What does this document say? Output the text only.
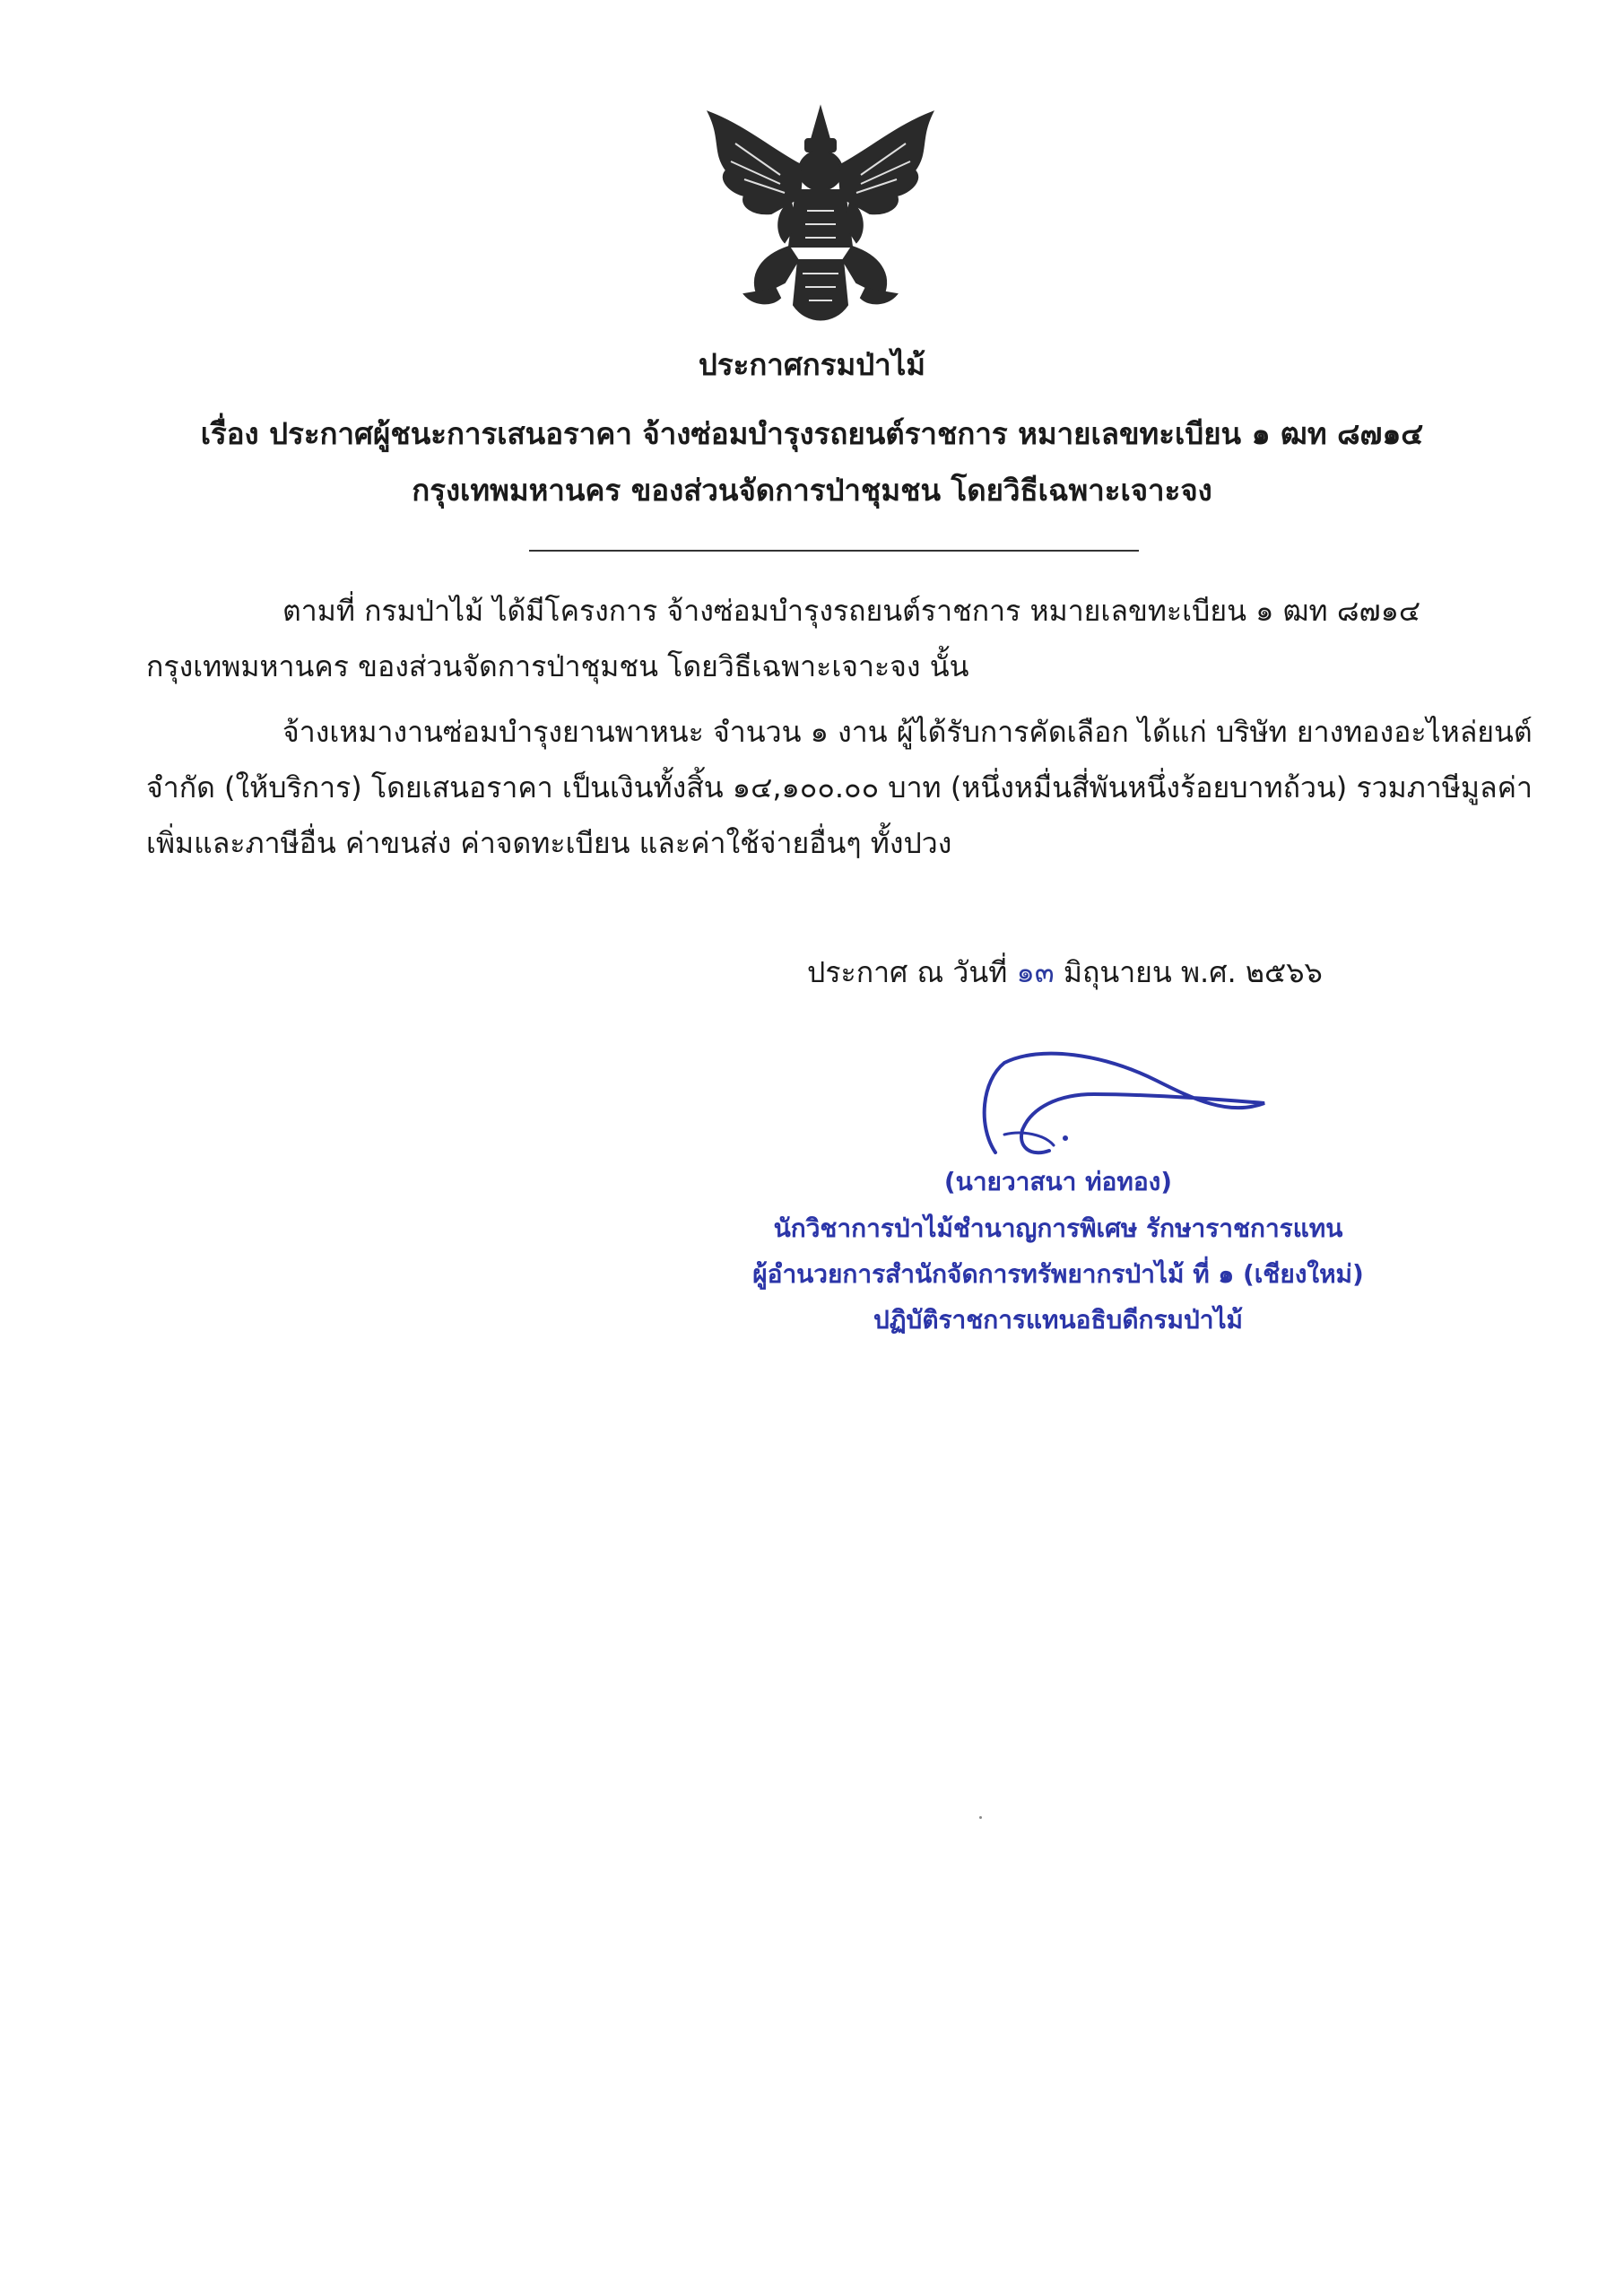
ประกาศกรมป่าไม้
เรื่อง ประกาศผู้ชนะการเสนอราคา จ้างซ่อมบำรุงรถยนต์ราชการ หมายเลขทะเบียน ๑ ฒท ๘๗๑๔
กรุงเทพมหานคร ของส่วนจัดการป่าชุมชน โดยวิธีเฉพาะเจาะจง
ตามที่ กรมป่าไม้ ได้มีโครงการ จ้างซ่อมบำรุงรถยนต์ราชการ หมายเลขทะเบียน ๑ ฒท ๘๗๑๔
กรุงเทพมหานคร ของส่วนจัดการป่าชุมชน โดยวิธีเฉพาะเจาะจง นั้น
จ้างเหมางานซ่อมบำรุงยานพาหนะ จำนวน ๑ งาน ผู้ได้รับการคัดเลือก ได้แก่ บริษัท ยางทองอะไหล่ยนต์
จำกัด (ให้บริการ) โดยเสนอราคา เป็นเงินทั้งสิ้น ๑๔,๑๐๐.๐๐ บาท (หนึ่งหมื่นสี่พันหนึ่งร้อยบาทถ้วน) รวมภาษีมูลค่า
เพิ่มและภาษีอื่น ค่าขนส่ง ค่าจดทะเบียน และค่าใช้จ่ายอื่นๆ ทั้งปวง
ประกาศ ณ วันที่ ๑๓ มิถุนายน พ.ศ. ๒๕๖๖
(นายวาสนา ท่อทอง)
นักวิชาการป่าไม้ชำนาญการพิเศษ รักษาราชการแทน
ผู้อำนวยการสำนักจัดการทรัพยากรป่าไม้ ที่ ๑ (เชียงใหม่)
ปฏิบัติราชการแทนอธิบดีกรมป่าไม้
